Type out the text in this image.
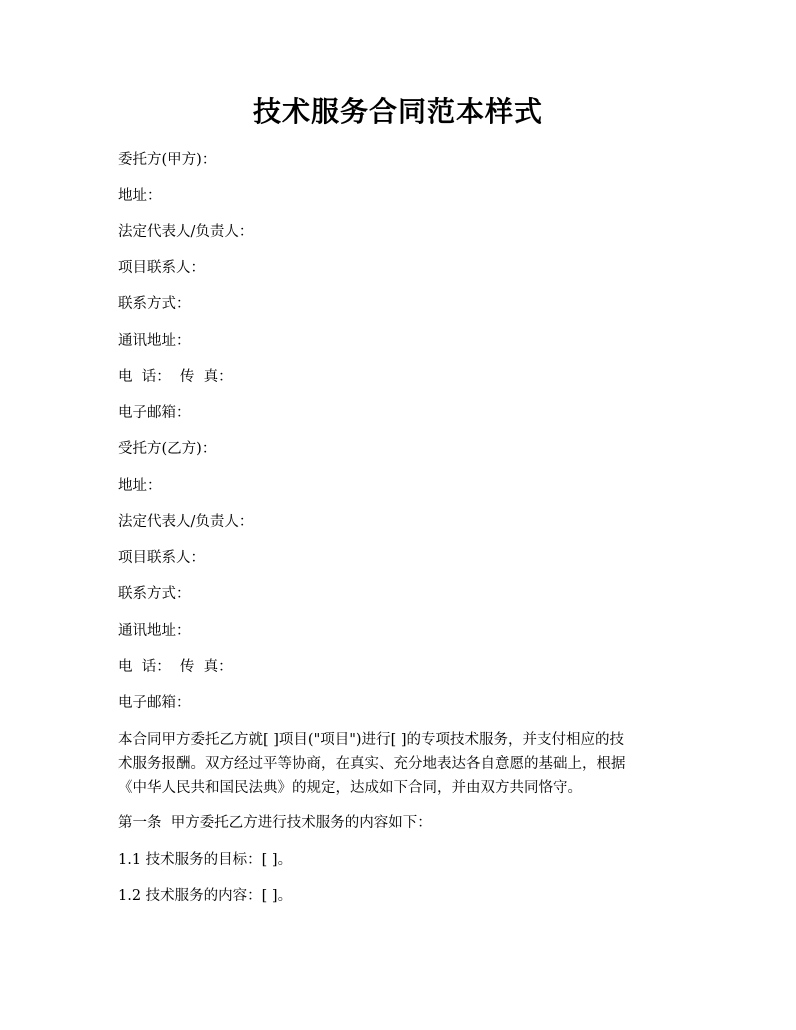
技术服务合同范本样式
委托方(甲方)：
地址：
法定代表人/负责人：
项目联系人：
联系方式：
通讯地址：
电  话：  传  真：
电子邮箱：
受托方(乙方)：
地址：
法定代表人/负责人：
项目联系人：
联系方式：
通讯地址：
电  话：  传  真：
电子邮箱：
本合同甲方委托乙方就[ ]项目("项目")进行[ ]的专项技术服务，并支付相应的技
术服务报酬。双方经过平等协商，在真实、充分地表达各自意愿的基础上，根据
《中华人民共和国民法典》的规定，达成如下合同，并由双方共同恪守。
第一条  甲方委托乙方进行技术服务的内容如下：
1.1 技术服务的目标：[ ]。
1.2 技术服务的内容：[ ]。
